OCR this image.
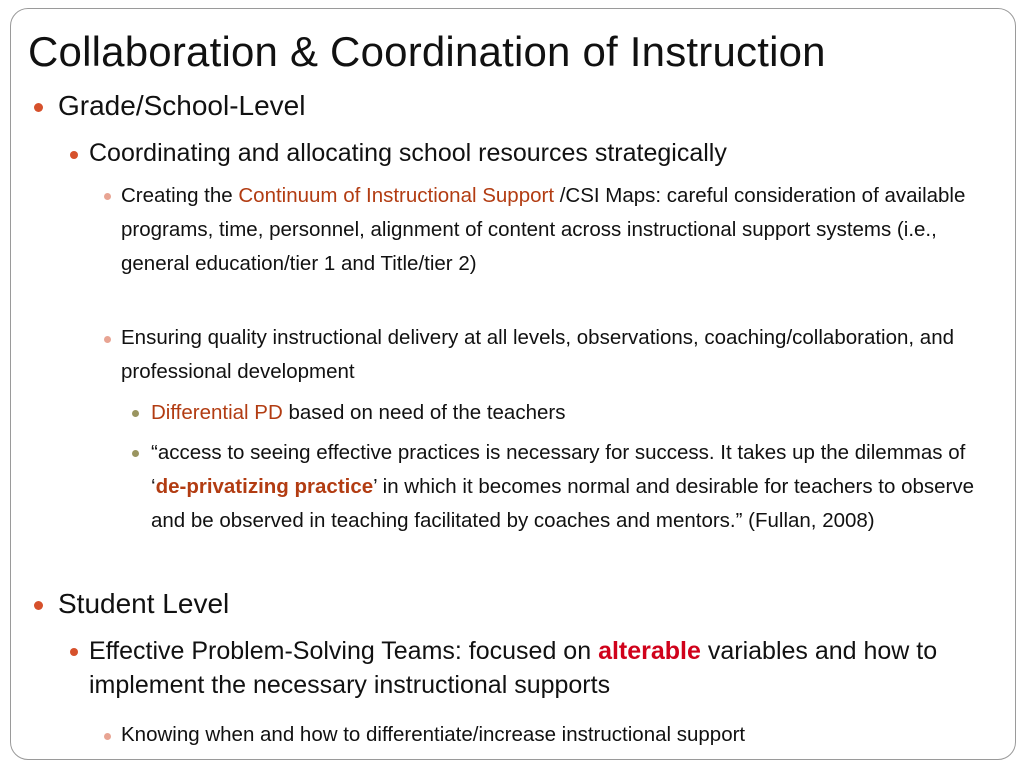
Collaboration & Coordination of Instruction
Grade/School-Level
Coordinating and allocating school resources strategically
Creating the Continuum of Instructional Support /CSI Maps: careful consideration of available programs, time, personnel, alignment of content across instructional support systems (i.e., general education/tier 1 and Title/tier 2)
Ensuring quality instructional delivery at all levels, observations, coaching/collaboration, and professional development
Differential PD based on need of the teachers
“access to seeing effective practices is necessary for success. It takes up the dilemmas of ‘de-privatizing practice’ in which it becomes normal and desirable for teachers to observe and be observed in teaching facilitated by coaches and mentors.” (Fullan, 2008)
Student Level
Effective Problem-Solving Teams: focused on alterable variables and how to implement the necessary instructional supports
Knowing when and how to differentiate/increase instructional support
